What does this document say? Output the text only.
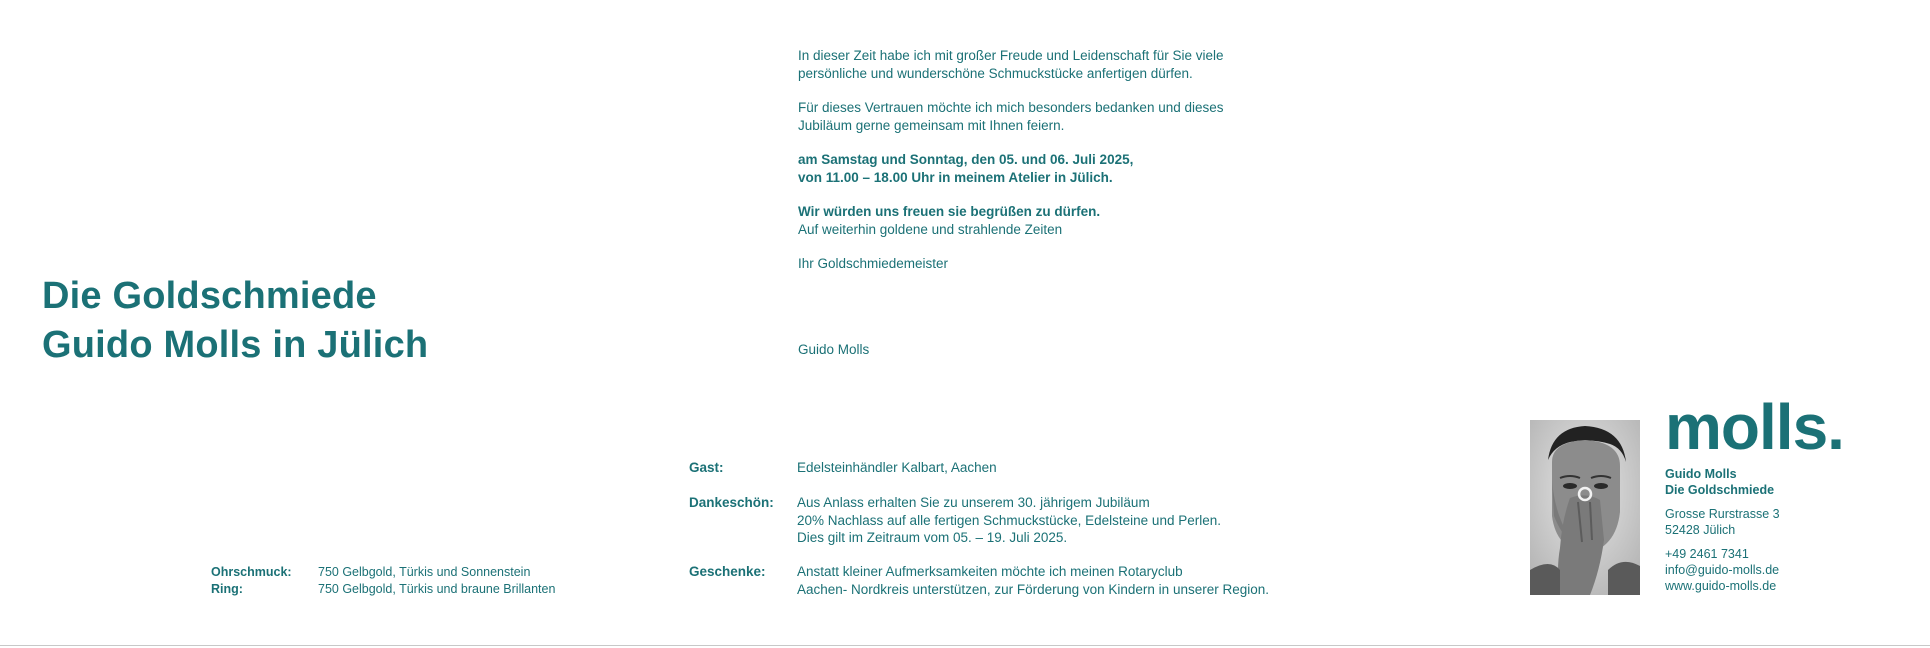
Die Goldschmiede
Guido Molls in Jülich
In dieser Zeit habe ich mit großer Freude und Leidenschaft für Sie viele
persönliche und wunderschöne Schmuckstücke anfertigen dürfen.
Für dieses Vertrauen möchte ich mich besonders bedanken und dieses
Jubiläum gerne gemeinsam mit Ihnen feiern.
am Samstag und Sonntag, den 05. und 06. Juli 2025,
von 11.00 – 18.00 Uhr in meinem Atelier in Jülich.
Wir würden uns freuen sie begrüßen zu dürfen.
Auf weiterhin goldene und strahlende Zeiten
Ihr Goldschmiedemeister
Guido Molls
Gast:	Edelsteinhändler Kalbart, Aachen
Dankeschön: Aus Anlass erhalten Sie zu unserem 30. jährigem Jubiläum
20% Nachlass auf alle fertigen Schmuckstücke, Edelsteine und Perlen.
Dies gilt im Zeitraum vom 05. – 19. Juli 2025.
Geschenke: Anstatt kleiner Aufmerksamkeiten möchte ich meinen Rotaryclub
Aachen- Nordkreis unterstützen, zur Förderung von Kindern in unserer Region.
Ohrschmuck: 750 Gelbgold, Türkis und Sonnenstein
Ring:	750 Gelbgold, Türkis und braune Brillanten
molls.
Guido Molls
Die Goldschmiede
Grosse Rurstrasse 3
52428 Jülich
+49 2461 7341
info@guido-molls.de
www.guido-molls.de
